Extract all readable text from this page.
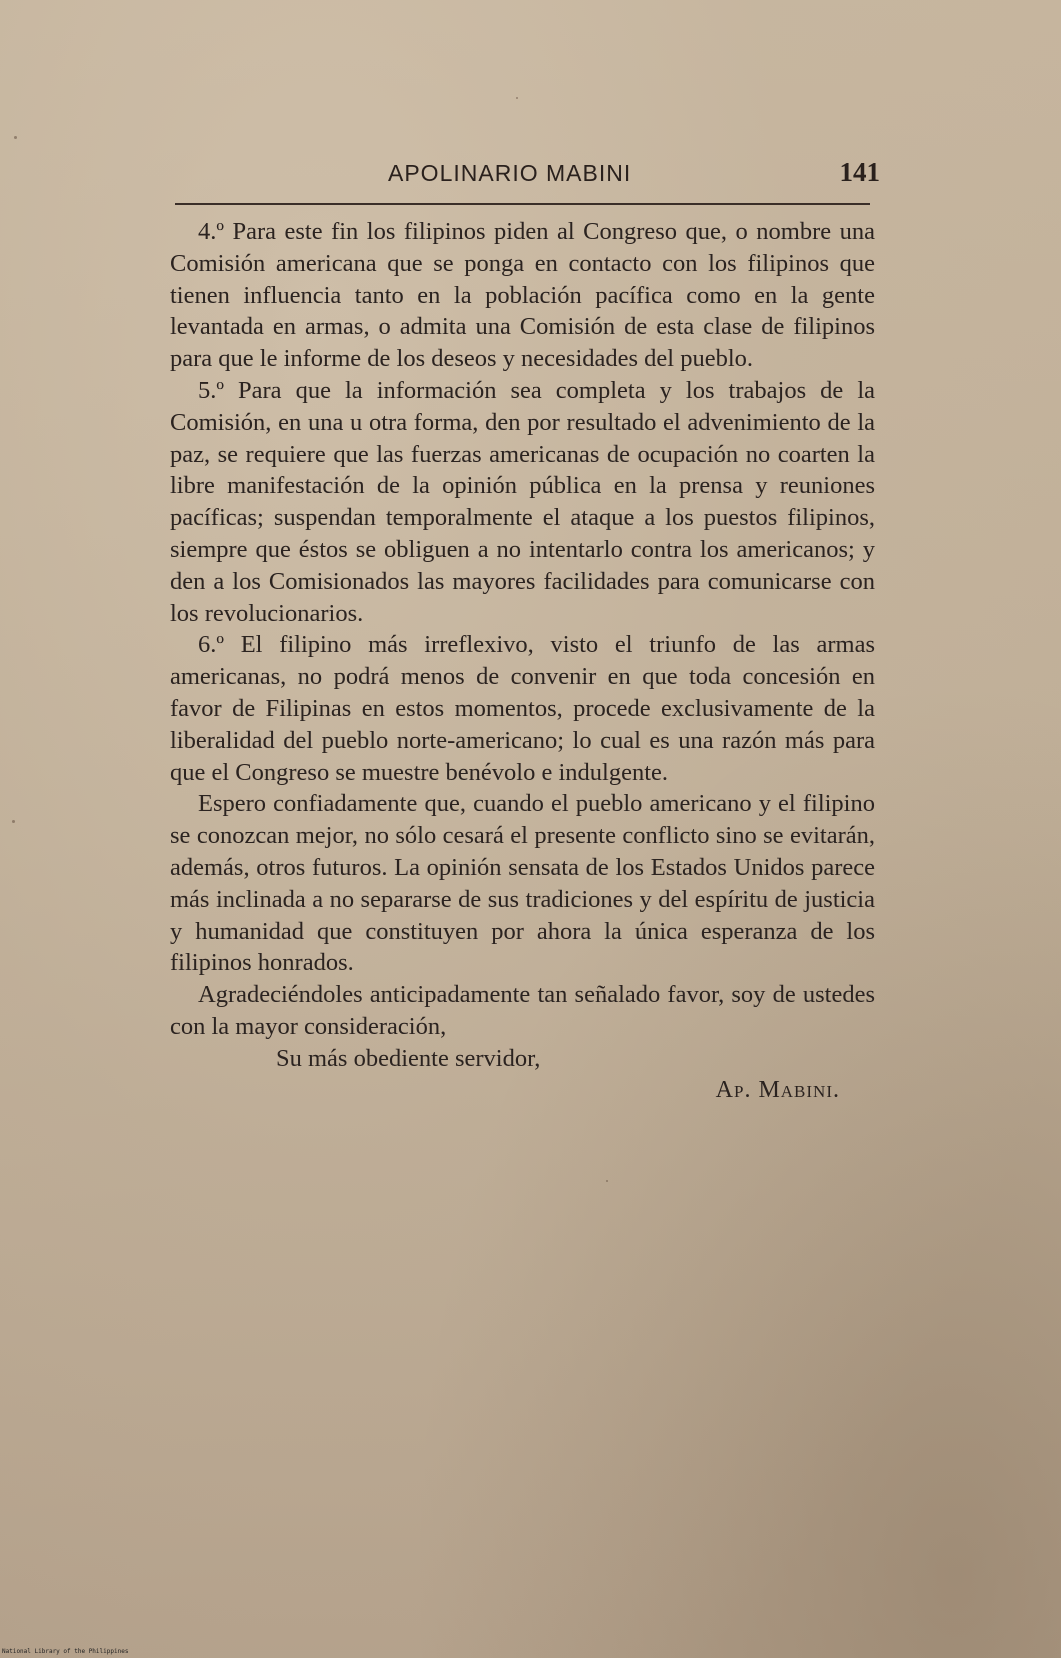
APOLINARIO MABINI	141

4.º Para este fin los filipinos piden al Congreso que, o nombre una Comisión americana que se ponga en contacto con los filipinos que tienen influencia tanto en la población pacífica como en la gente levantada en armas, o admita una Comisión de esta clase de filipinos para que le informe de los deseos y necesidades del pueblo.

5.º Para que la información sea completa y los trabajos de la Comisión, en una u otra forma, den por resultado el advenimiento de la paz, se requiere que las fuerzas americanas de ocupación no coarten la libre manifestación de la opinión pública en la prensa y reuniones pacíficas; suspendan temporalmente el ataque a los puestos filipinos, siempre que éstos se obliguen a no intentarlo contra los americanos; y den a los Comisionados las mayores facilidades para comunicarse con los revolucionarios.

6.º El filipino más irreflexivo, visto el triunfo de las armas americanas, no podrá menos de convenir en que toda concesión en favor de Filipinas en estos momentos, procede exclusivamente de la liberalidad del pueblo norte-americano; lo cual es una razón más para que el Congreso se muestre benévolo e indulgente.

Espero confiadamente que, cuando el pueblo americano y el filipino se conozcan mejor, no sólo cesará el presente conflicto sino se evitarán, además, otros futuros. La opinión sensata de los Estados Unidos parece más inclinada a no separarse de sus tradiciones y del espíritu de justicia y humanidad que constituyen por ahora la única esperanza de los filipinos honrados.

Agradeciéndoles anticipadamente tan señalado favor, soy de ustedes con la mayor consideración,

Su más obediente servidor,

Ap. Mabini.

National Library of the Philippines
